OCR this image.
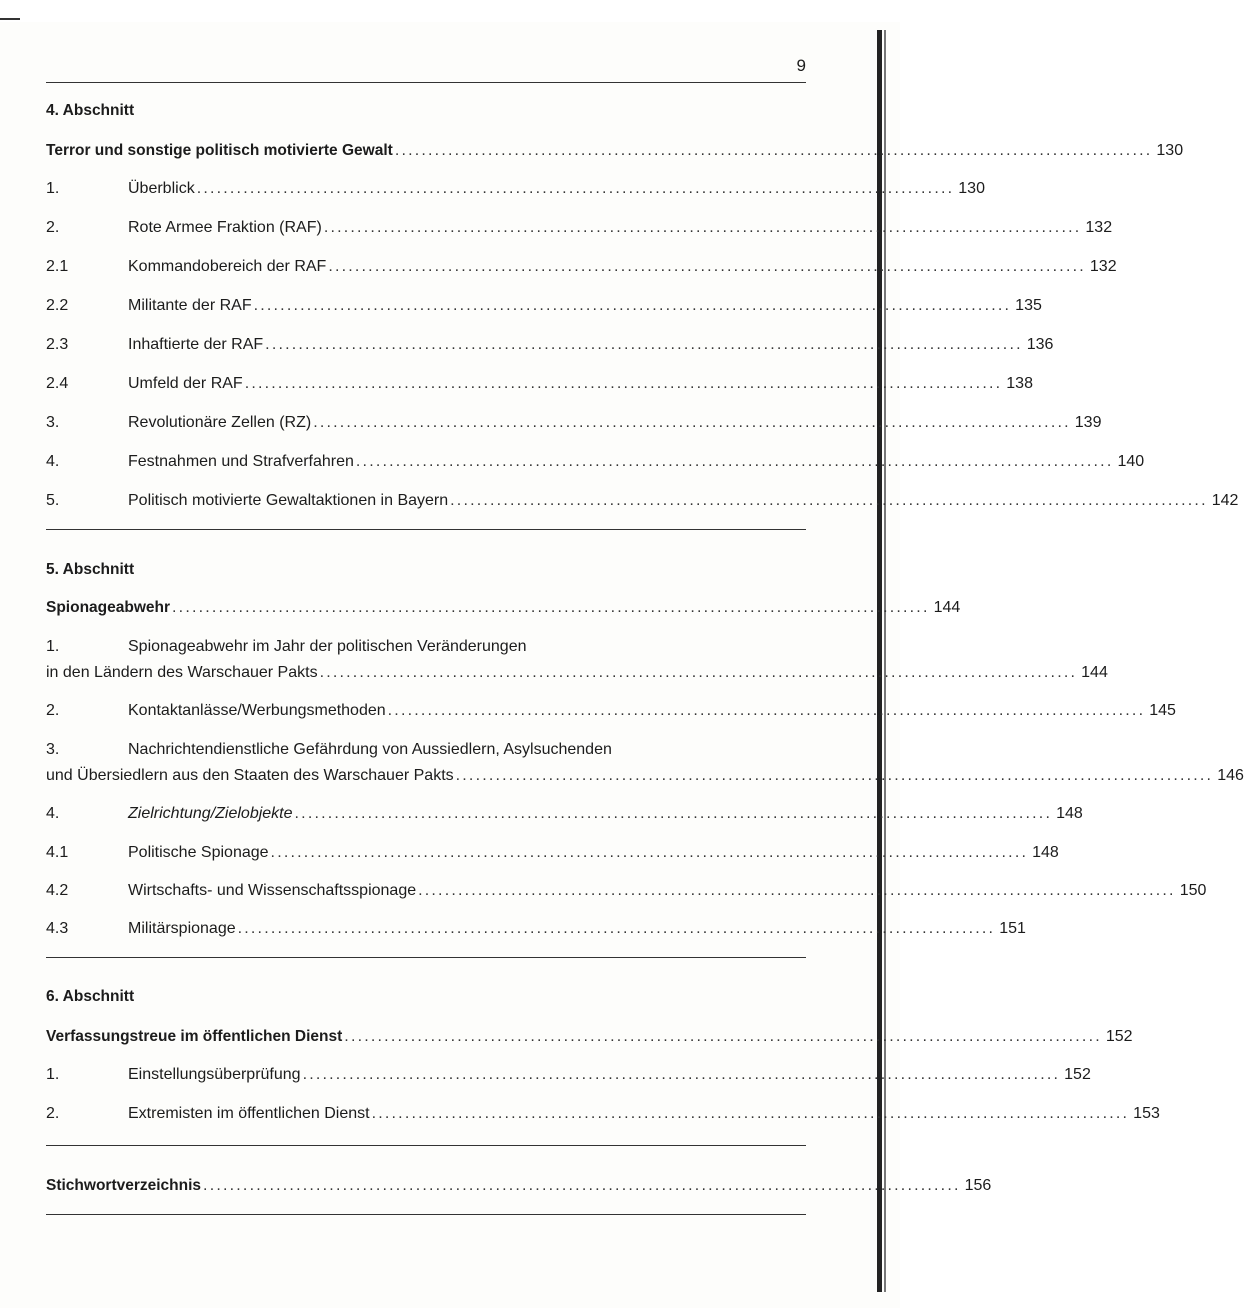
9
4. Abschnitt
Terror und sonstige politisch motivierte Gewalt .................................................................................................................. 130
1.	Überblick .................................................................................................................. 130
2.	Rote Armee Fraktion (RAF) .................................................................................................................. 132
2.1	Kommandobereich der RAF .................................................................................................................. 132
2.2	Militante der RAF .................................................................................................................. 135
2.3	Inhaftierte der RAF .................................................................................................................. 136
2.4	Umfeld der RAF .................................................................................................................. 138
3.	Revolutionäre Zellen (RZ) .................................................................................................................. 139
4.	Festnahmen und Strafverfahren .................................................................................................................. 140
5.	Politisch motivierte Gewaltaktionen in Bayern .................................................................................................................. 142
5. Abschnitt
Spionageabwehr .................................................................................................................. 144
1.	Spionageabwehr im Jahr der politischen Veränderungen
in den Ländern des Warschauer Pakts .................................................................................................................. 144
2.	Kontaktanlässe/Werbungsmethoden .................................................................................................................. 145
3.	Nachrichtendienstliche Gefährdung von Aussiedlern, Asylsuchenden
und Übersiedlern aus den Staaten des Warschauer Pakts .................................................................................................................. 146
4.	Zielrichtung/Zielobjekte .................................................................................................................. 148
4.1	Politische Spionage .................................................................................................................. 148
4.2	Wirtschafts- und Wissenschaftsspionage .................................................................................................................. 150
4.3	Militärspionage .................................................................................................................. 151
6. Abschnitt
Verfassungstreue im öffentlichen Dienst .................................................................................................................. 152
1.	Einstellungsüberprüfung .................................................................................................................. 152
2.	Extremisten im öffentlichen Dienst .................................................................................................................. 153
Stichwortverzeichnis .................................................................................................................. 156
